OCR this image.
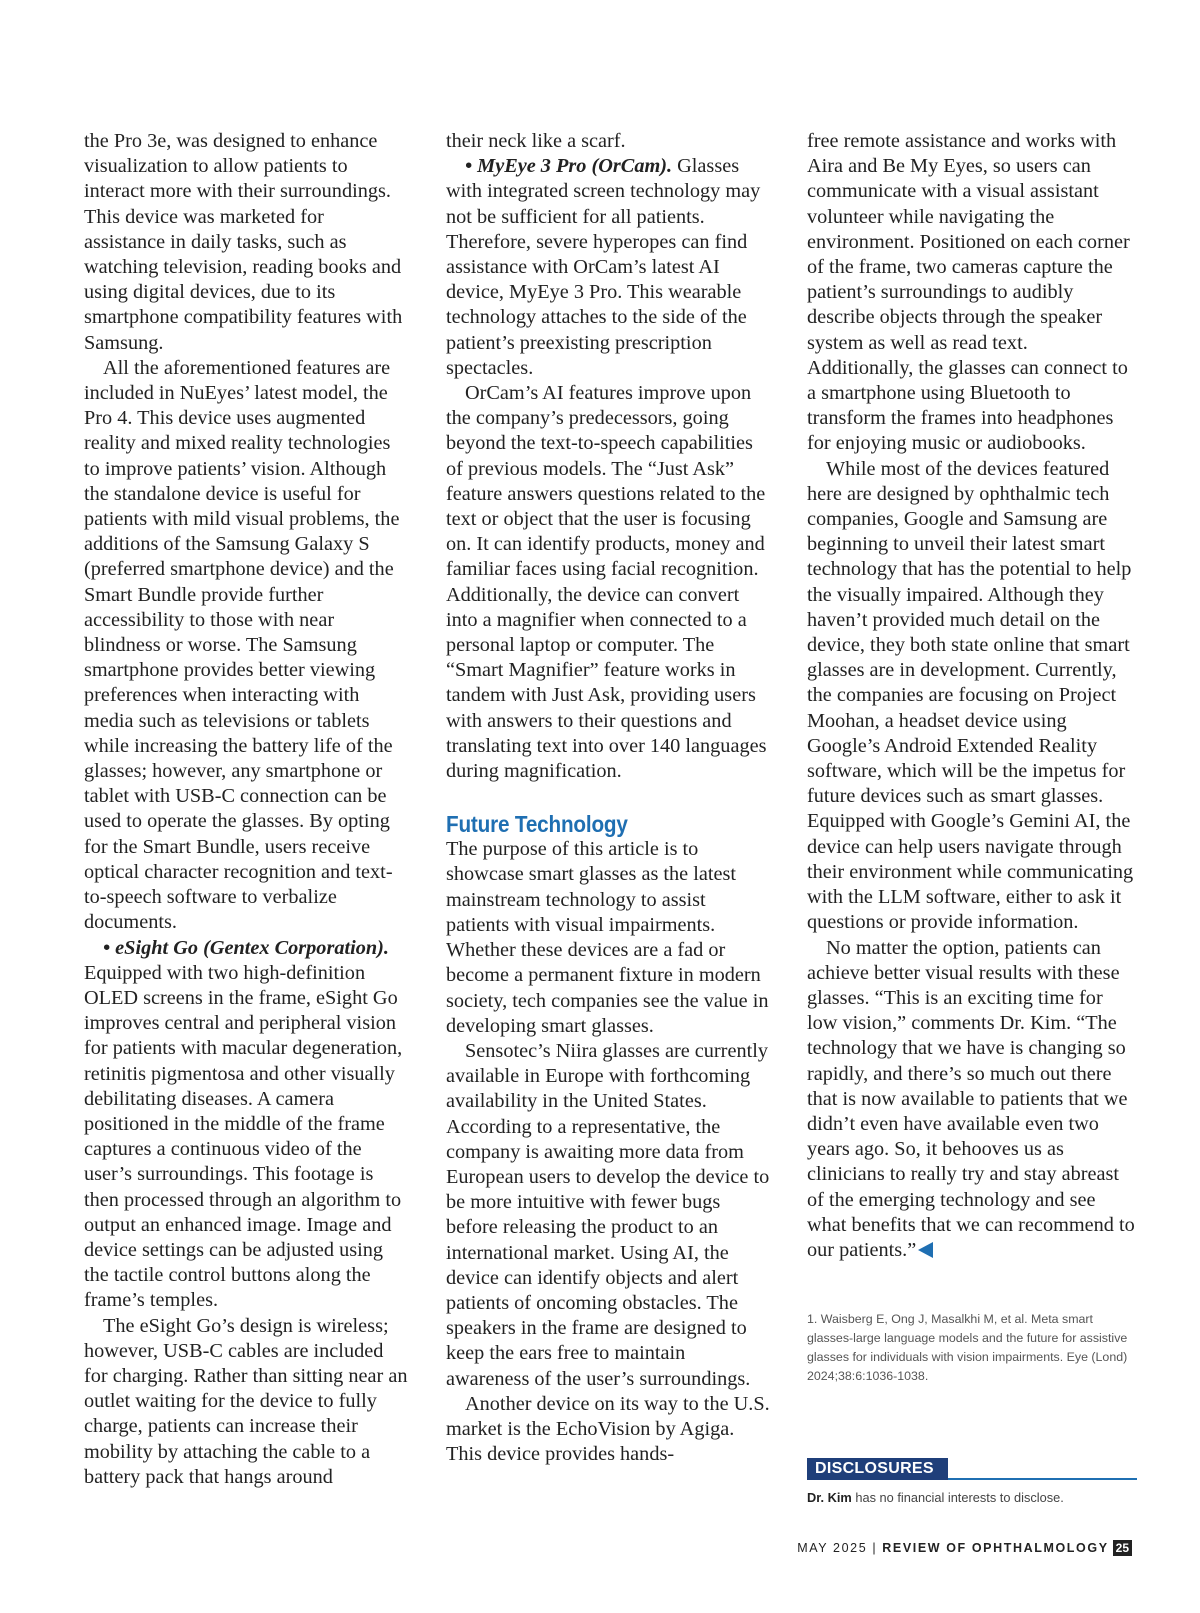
the Pro 3e, was designed to enhance visualization to allow patients to interact more with their surroundings. This device was marketed for assistance in daily tasks, such as watching television, reading books and using digital devices, due to its smartphone compatibility features with Samsung.

All the aforementioned features are included in NuEyes’ latest model, the Pro 4. This device uses augmented reality and mixed reality technologies to improve patients’ vision. Although the standalone device is useful for patients with mild visual problems, the additions of the Samsung Galaxy S (preferred smartphone device) and the Smart Bundle provide further accessibility to those with near blindness or worse. The Samsung smartphone provides better viewing preferences when interacting with media such as televisions or tablets while increasing the battery life of the glasses; however, any smartphone or tablet with USB-C connection can be used to operate the glasses. By opting for the Smart Bundle, users receive optical character recognition and text-to-speech software to verbalize documents.

• eSight Go (Gentex Corporation).

Equipped with two high-definition OLED screens in the frame, eSight Go improves central and peripheral vision for patients with macular degeneration, retinitis pigmentosa and other visually debilitating diseases. A camera positioned in the middle of the frame captures a continuous video of the user’s surroundings. This footage is then processed through an algorithm to output an enhanced image. Image and device settings can be adjusted using the tactile control buttons along the frame’s temples.

The eSight Go’s design is wireless; however, USB-C cables are included for charging. Rather than sitting near an outlet waiting for the device to fully charge, patients can increase their mobility by attaching the cable to a battery pack that hangs around

their neck like a scarf.

• MyEye 3 Pro (OrCam). Glasses with integrated screen technology may not be sufficient for all patients. Therefore, severe hyperopes can find assistance with OrCam’s latest AI device, MyEye 3 Pro. This wearable technology attaches to the side of the patient’s preexisting prescription spectacles.

OrCam’s AI features improve upon the company’s predecessors, going beyond the text-to-speech capabilities of previous models. The “Just Ask” feature answers questions related to the text or object that the user is focusing on. It can identify products, money and familiar faces using facial recognition. Additionally, the device can convert into a magnifier when connected to a personal laptop or computer. The “Smart Magnifier” feature works in tandem with Just Ask, providing users with answers to their questions and translating text into over 140 languages during magnification.

Future Technology

The purpose of this article is to showcase smart glasses as the latest mainstream technology to assist patients with visual impairments. Whether these devices are a fad or become a permanent fixture in modern society, tech companies see the value in developing smart glasses.

Sensotec’s Niira glasses are currently available in Europe with forthcoming availability in the United States. According to a representative, the company is awaiting more data from European users to develop the device to be more intuitive with fewer bugs before releasing the product to an international market. Using AI, the device can identify objects and alert patients of oncoming obstacles. The speakers in the frame are designed to keep the ears free to maintain awareness of the user’s surroundings.

Another device on its way to the U.S. market is the EchoVision by Agiga. This device provides hands-

free remote assistance and works with Aira and Be My Eyes, so users can communicate with a visual assistant volunteer while navigating the environment. Positioned on each corner of the frame, two cameras capture the patient’s surroundings to audibly describe objects through the speaker system as well as read text. Additionally, the glasses can connect to a smartphone using Bluetooth to transform the frames into headphones for enjoying music or audiobooks.

While most of the devices featured here are designed by ophthalmic tech companies, Google and Samsung are beginning to unveil their latest smart technology that has the potential to help the visually impaired. Although they haven’t provided much detail on the device, they both state online that smart glasses are in development. Currently, the companies are focusing on Project Moohan, a headset device using Google’s Android Extended Reality software, which will be the impetus for future devices such as smart glasses. Equipped with Google’s Gemini AI, the device can help users navigate through their environment while communicating with the LLM software, either to ask it questions or provide information.

No matter the option, patients can achieve better visual results with these glasses. “This is an exciting time for low vision,” comments Dr. Kim. “The technology that we have is changing so rapidly, and there’s so much out there that is now available to patients that we didn’t even have available even two years ago. So, it behooves us as clinicians to really try and stay abreast of the emerging technology and see what benefits that we can recommend to our patients.”

1. Waisberg E, Ong J, Masalkhi M, et al. Meta smart glasses-large language models and the future for assistive glasses for individuals with vision impairments. Eye (Lond) 2024;38:6:1036-1038.
DISCLOSURES
Dr. Kim has no financial interests to disclose.
MAY 2025 | REVIEW OF OPHTHALMOLOGY 25
